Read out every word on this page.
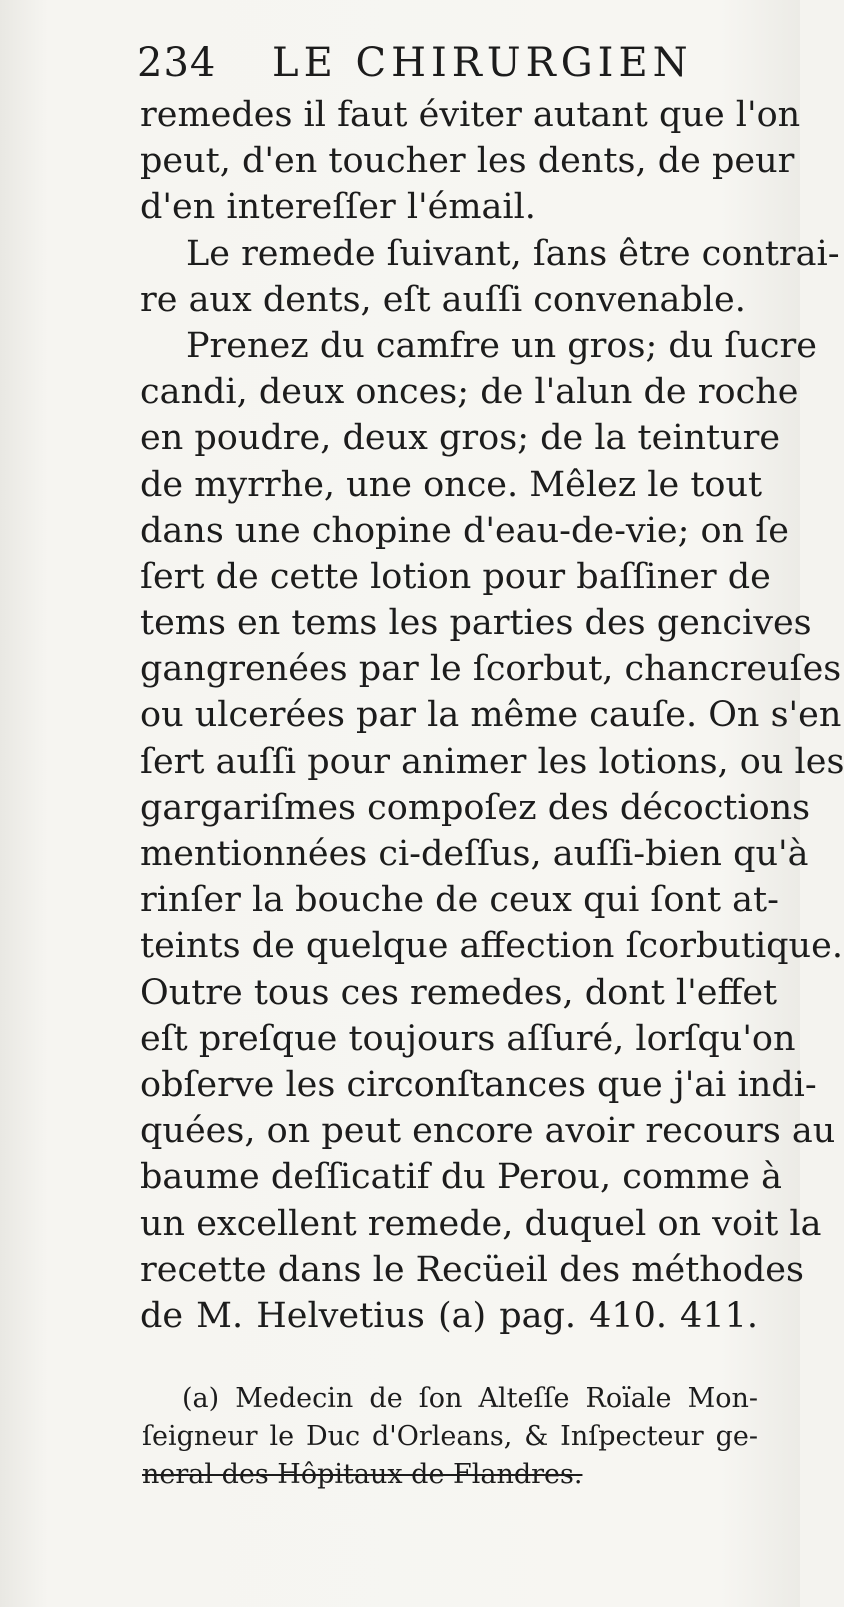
234 LE CHIRURGIEN
remedes il faut éviter autant que l'on
peut, d'en toucher les dents, de peur
d'en intereſſer l'émail.
Le remede ſuivant, ſans être contrai-
re aux dents, eſt auſſi convenable.
Prenez du camfre un gros; du ſucre
candi, deux onces; de l'alun de roche
en poudre, deux gros; de la teinture
de myrrhe, une once. Mêlez le tout
dans une chopine d'eau-de-vie; on ſe
ſert de cette lotion pour baſſiner de
tems en tems les parties des gencives
gangrenées par le ſcorbut, chancreuſes
ou ulcerées par la même cauſe. On s'en
ſert auſſi pour animer les lotions, ou les
gargariſmes compoſez des décoctions
mentionnées ci-deſſus, auſſi-bien qu'à
rinſer la bouche de ceux qui ſont at-
teints de quelque affection ſcorbutique.
Outre tous ces remedes, dont l'effet
eſt preſque toujours aſſuré, lorſqu'on
obſerve les circonſtances que j'ai indi-
quées, on peut encore avoir recours au
baume deſſicatif du Perou, comme à
un excellent remede, duquel on voit la
recette dans le Recüeil des méthodes
de M. Helvetius (a) pag. 410. 411.
(a) Medecin de ſon Alteſſe Roïale Mon-
ſeigneur le Duc d'Orleans, & Inſpecteur ge-
neral des Hôpitaux de Flandres.
